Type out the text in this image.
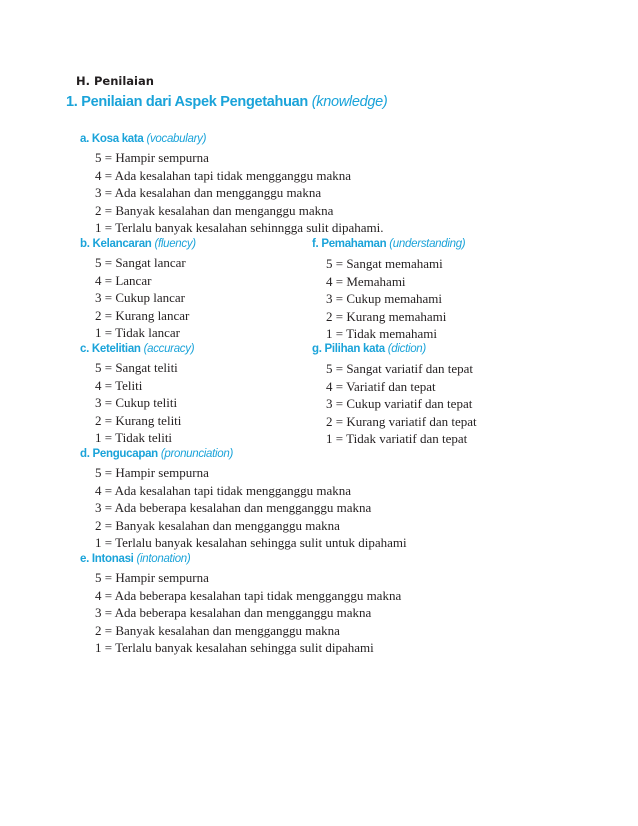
H. Penilaian
1. Penilaian dari Aspek Pengetahuan (knowledge)
a. Kosa kata (vocabulary)
5 = Hampir sempurna
4 = Ada kesalahan tapi tidak mengganggu makna
3 = Ada kesalahan dan mengganggu makna
2 = Banyak kesalahan dan menganggu makna
1 = Terlalu banyak kesalahan sehinngga sulit dipahami.
b. Kelancaran (fluency)
5 = Sangat lancar
4 = Lancar
3 = Cukup lancar
2 = Kurang lancar
1 = Tidak lancar
c. Ketelitian (accuracy)
5 = Sangat teliti
4 = Teliti
3 = Cukup teliti
2 = Kurang teliti
1 = Tidak teliti
d. Pengucapan (pronunciation)
5 = Hampir sempurna
4 = Ada kesalahan tapi tidak mengganggu makna
3 = Ada beberapa kesalahan dan mengganggu makna
2 = Banyak kesalahan dan mengganggu makna
1 = Terlalu banyak kesalahan sehingga sulit untuk dipahami
e. Intonasi (intonation)
5 = Hampir sempurna
4 = Ada beberapa kesalahan tapi tidak mengganggu makna
3 = Ada beberapa kesalahan dan mengganggu makna
2 = Banyak kesalahan dan mengganggu makna
1 = Terlalu banyak kesalahan sehingga sulit dipahami
f. Pemahaman (understanding)
5 = Sangat memahami
4 = Memahami
3 = Cukup memahami
2 = Kurang memahami
1 = Tidak memahami
g. Pilihan kata (diction)
5 = Sangat variatif dan tepat
4 = Variatif dan tepat
3 = Cukup variatif dan tepat
2 = Kurang variatif dan tepat
1 = Tidak variatif dan tepat
